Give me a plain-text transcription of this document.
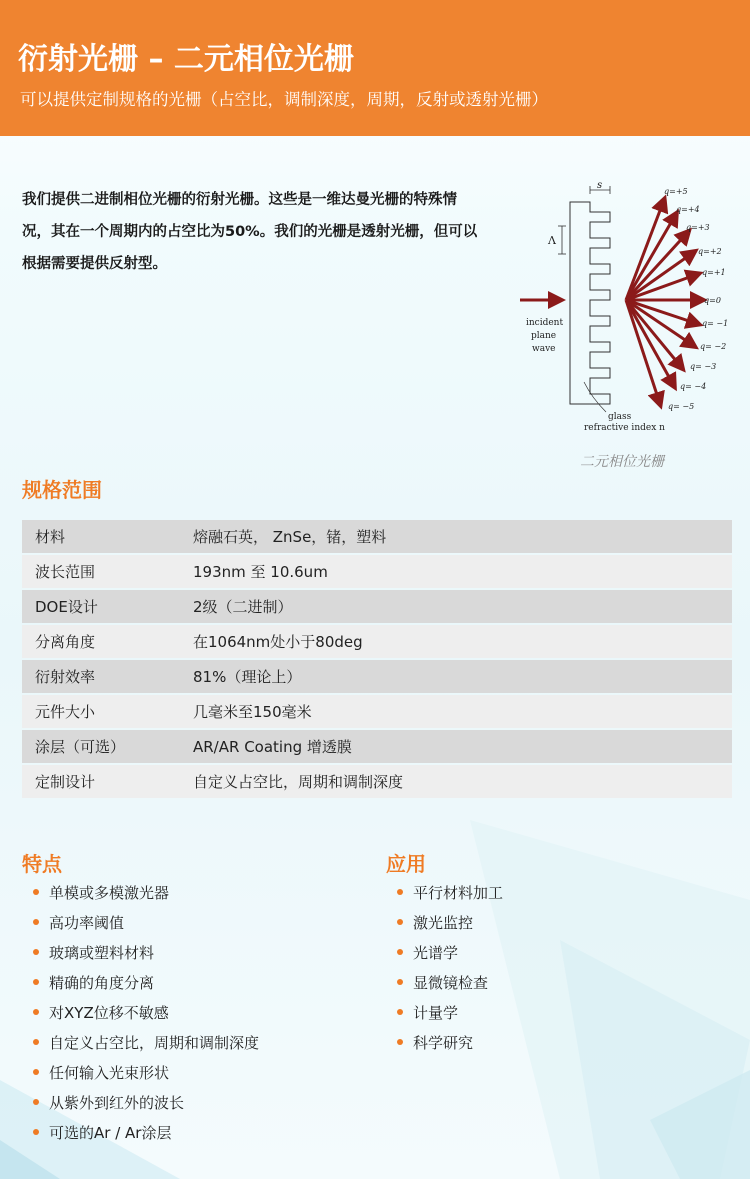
衍射光栅 – 二元相位光栅
可以提供定制规格的光栅（占空比，调制深度，周期，反射或透射光栅）
我们提供二进制相位光栅的衍射光栅。这些是一维达曼光栅的特殊情况，其在一个周期内的占空比为50%。我们的光栅是透射光栅，但可以根据需要提供反射型。
s
Λ
incident
plane
wave
glass
refractive index n
q=+5
q=+4
q=+3
q=+2
q=+1
q=0
q= −1
q= −2
q= −3
q= −4
q= −5
二元相位光栅
规格范围
材料	熔融石英， ZnSe，锗，塑料
波长范围	193nm 至 10.6um
DOE设计	2级（二进制）
分离角度	在1064nm处小于80deg
衍射效率	81%（理论上）
元件大小	几毫米至150毫米
涂层（可选）	AR/AR Coating 增透膜
定制设计	自定义占空比，周期和调制深度
特点
单模或多模激光器
高功率阈值
玻璃或塑料材料
精确的角度分离
对XYZ位移不敏感
自定义占空比，周期和调制深度
任何输入光束形状
从紫外到红外的波长
可选的Ar / Ar涂层
应用
平行材料加工
激光监控
光谱学
显微镜检查
计量学
科学研究
